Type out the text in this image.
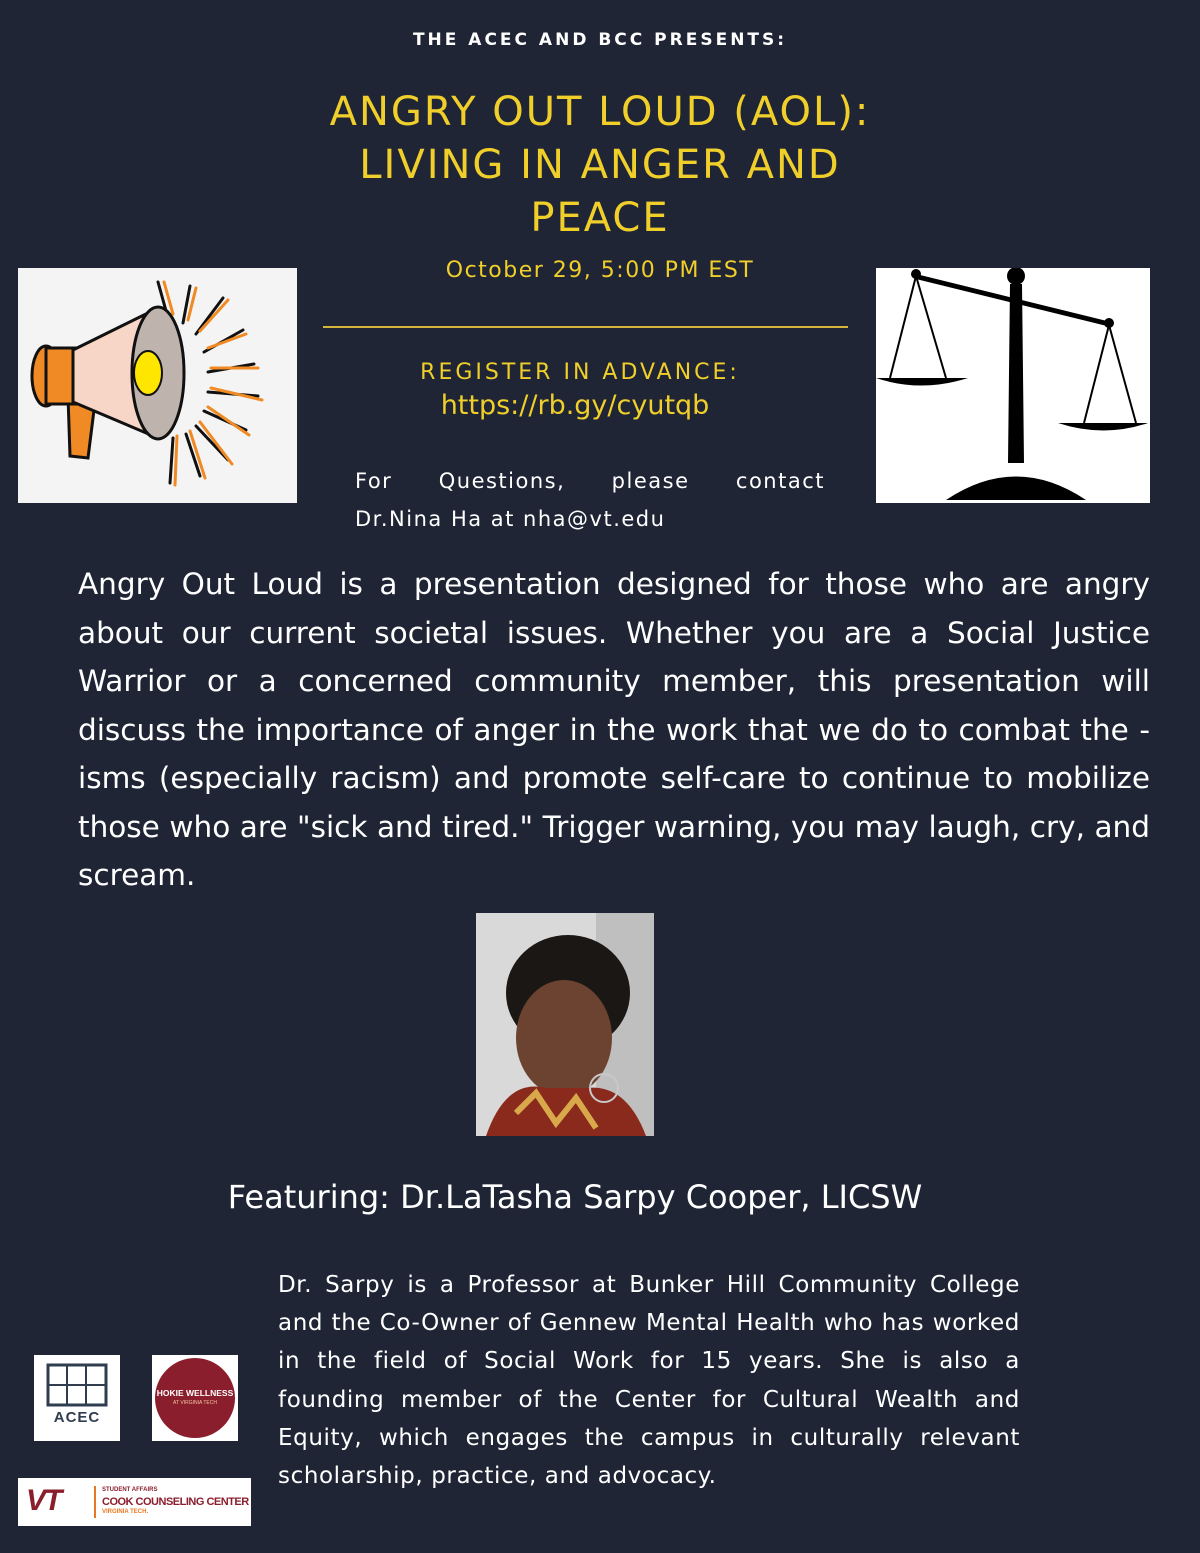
THE ACEC AND BCC PRESENTS:
ANGRY OUT LOUD (AOL):
LIVING IN ANGER AND
PEACE
October 29, 5:00 PM EST
REGISTER IN ADVANCE:
https://rb.gy/cyutqb
For Questions, please contact
Dr.Nina Ha at nha@vt.edu
Angry Out Loud is a presentation designed for those who are angry about our current societal issues. Whether you are a Social Justice Warrior or a concerned community member, this presentation will discuss the importance of anger in the work that we do to combat the -isms (especially racism) and promote self-care to continue to mobilize those who are "sick and tired." Trigger warning, you may laugh, cry, and scream.
Featuring: Dr.LaTasha Sarpy Cooper, LICSW
Dr. Sarpy is a Professor at Bunker Hill Community College and the Co-Owner of Gennew Mental Health who has worked in the field of Social Work for 15 years. She is also a founding member of the Center for Cultural Wealth and Equity, which engages the campus in culturally relevant scholarship, practice, and advocacy.
ACEC
HOKIE WELLNESS
AT VIRGINIA TECH
VT	STUDENT AFFAIRS
COOK COUNSELING CENTER
VIRGINIA TECH.
